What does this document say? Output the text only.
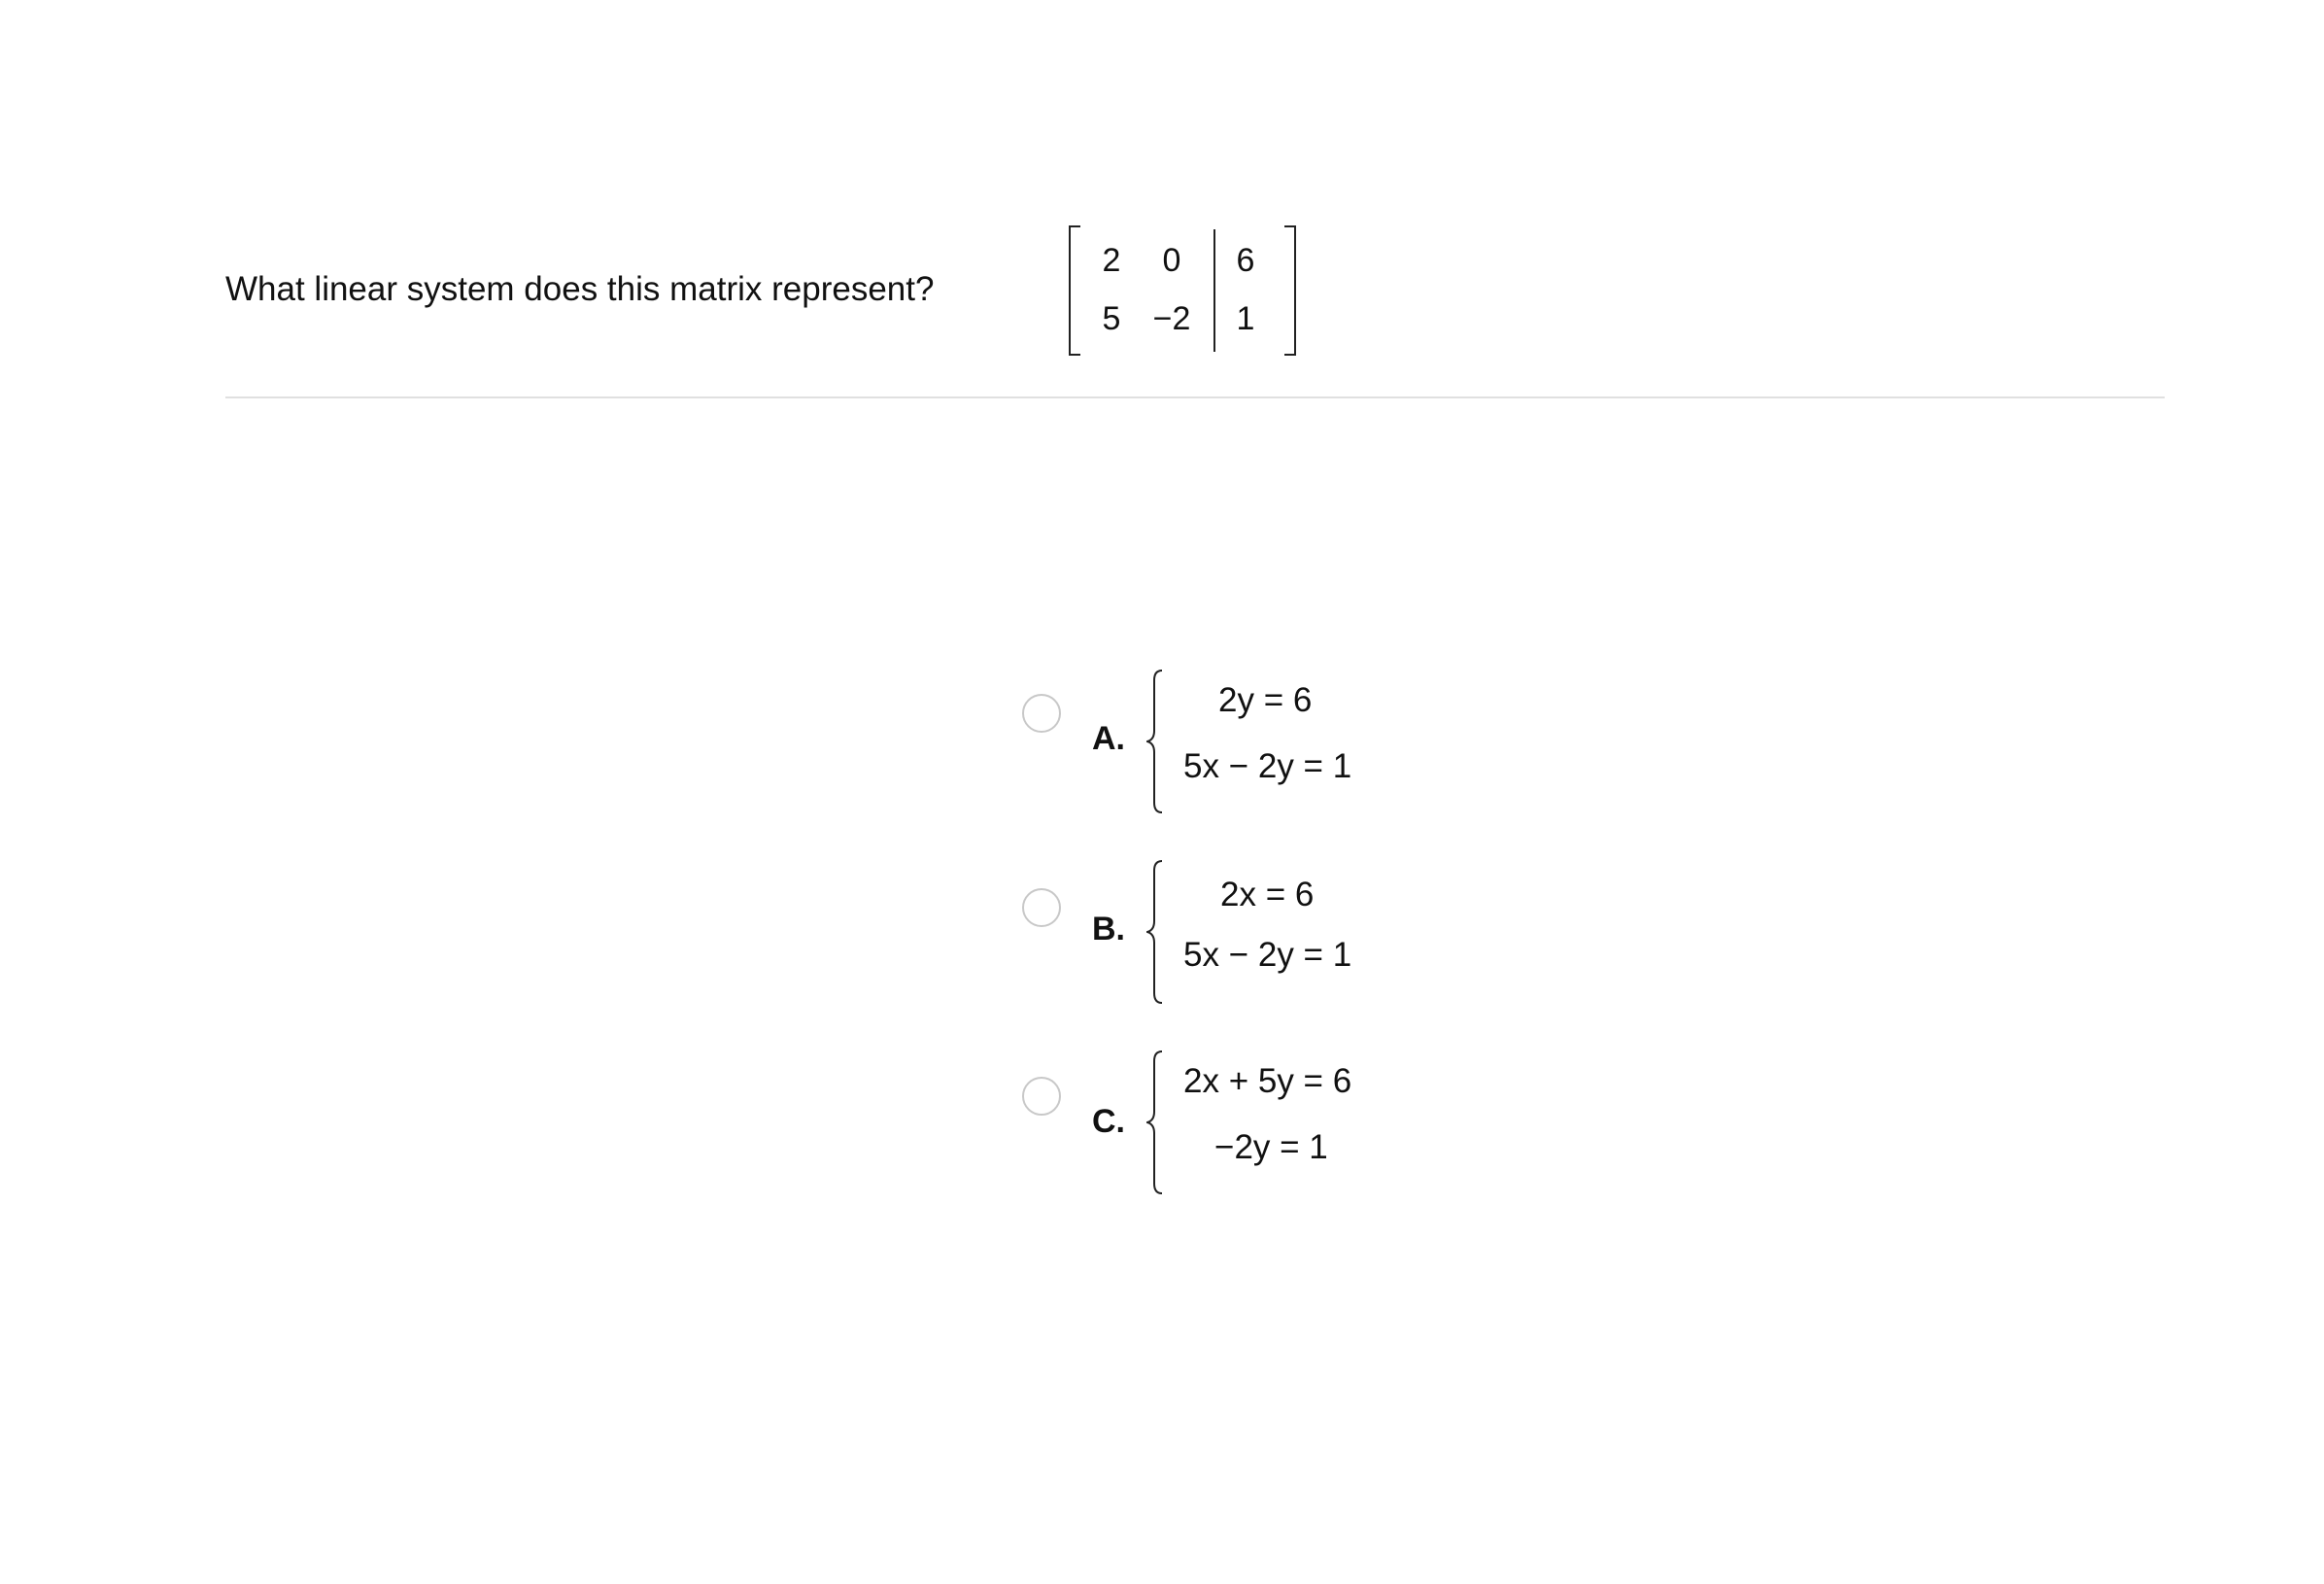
What linear system does this matrix represent?
2	0	6
5 −2	1
A.
2y = 6
5x − 2y = 1
B.
2x = 6
5x − 2y = 1
C.
2x + 5y = 6
−2y = 1
